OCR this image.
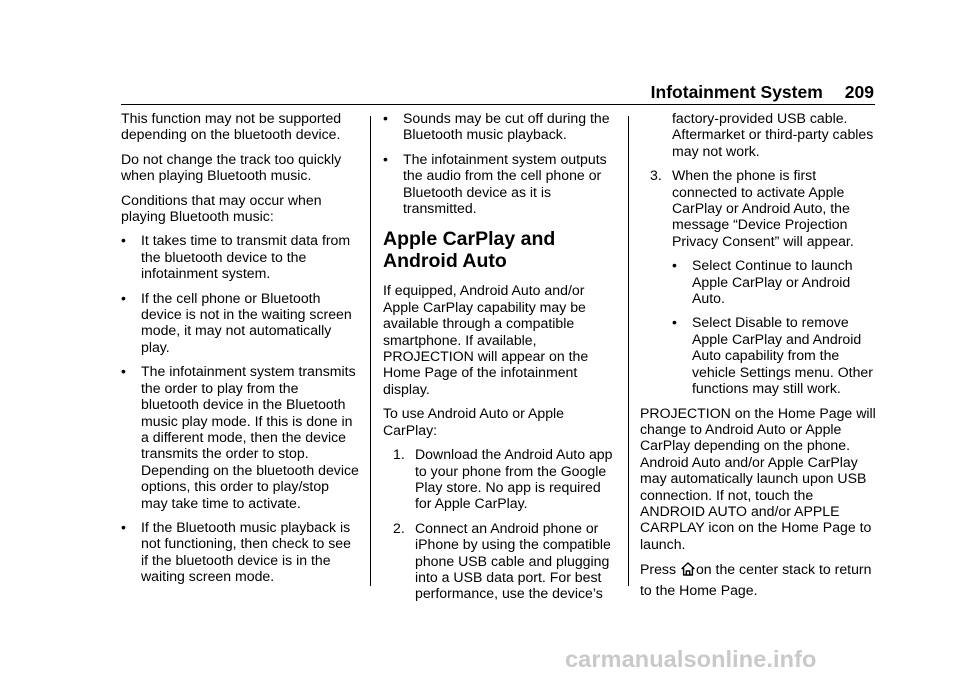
Infotainment System 209

This function may not be supported depending on the bluetooth device.

Do not change the track too quickly when playing Bluetooth music.

Conditions that may occur when playing Bluetooth music:

• It takes time to transmit data from the bluetooth device to the infotainment system.
• If the cell phone or Bluetooth device is not in the waiting screen mode, it may not automatically play.
• The infotainment system transmits the order to play from the bluetooth device in the Bluetooth music play mode. If this is done in a different mode, then the device transmits the order to stop. Depending on the bluetooth device options, this order to play/stop may take time to activate.
• If the Bluetooth music playback is not functioning, then check to see if the bluetooth device is in the waiting screen mode.
• Sounds may be cut off during the Bluetooth music playback.
• The infotainment system outputs the audio from the cell phone or Bluetooth device as it is transmitted.
Apple CarPlay and Android Auto

If equipped, Android Auto and/or Apple CarPlay capability may be available through a compatible smartphone. If available, PROJECTION will appear on the Home Page of the infotainment display.

To use Android Auto or Apple CarPlay:

1. Download the Android Auto app to your phone from the Google Play store. No app is required for Apple CarPlay.
2. Connect an Android phone or iPhone by using the compatible phone USB cable and plugging into a USB data port. For best performance, use the device’s
factory-provided USB cable. Aftermarket or third-party cables may not work.
3. When the phone is first connected to activate Apple CarPlay or Android Auto, the message “Device Projection Privacy Consent” will appear.
• Select Continue to launch Apple CarPlay or Android Auto.
• Select Disable to remove Apple CarPlay and Android Auto capability from the vehicle Settings menu. Other functions may still work.

PROJECTION on the Home Page will change to Android Auto or Apple CarPlay depending on the phone. Android Auto and/or Apple CarPlay may automatically launch upon USB connection. If not, touch the ANDROID AUTO and/or APPLE CARPLAY icon on the Home Page to launch.

Press on the center stack to return to the Home Page.

carmanualsonline.info
